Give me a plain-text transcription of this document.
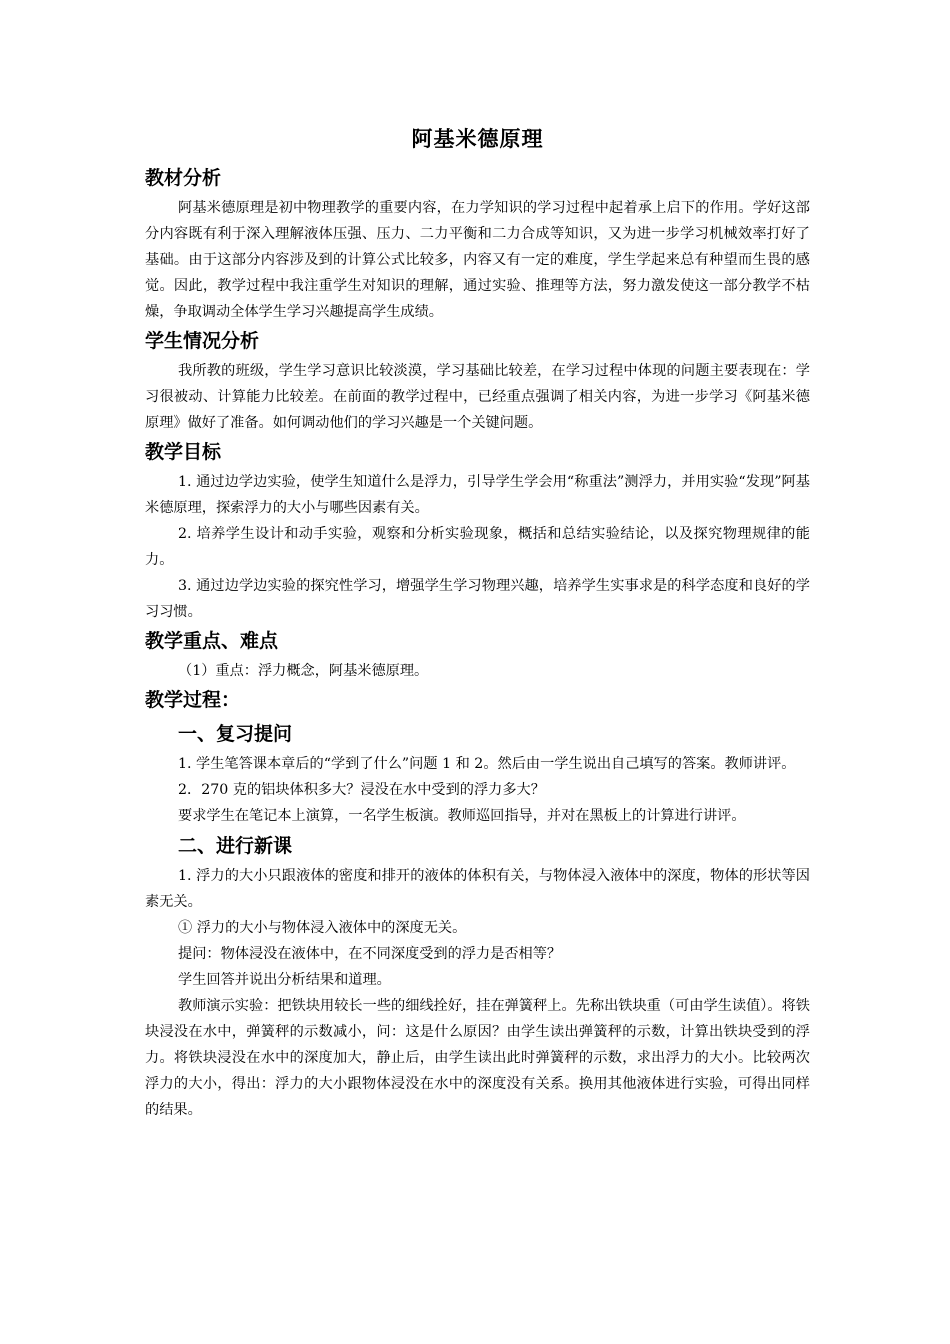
阿基米德原理
教材分析

阿基米德原理是初中物理教学的重要内容，在力学知识的学习过程中起着承上启下的作用。学好这部分内容既有利于深入理解液体压强、压力、二力平衡和二力合成等知识，又为进一步学习机械效率打好了基础。由于这部分内容涉及到的计算公式比较多，内容又有一定的难度，学生学起来总有种望而生畏的感觉。因此，教学过程中我注重学生对知识的理解，通过实验、推理等方法，努力激发使这一部分教学不枯燥，争取调动全体学生学习兴趣提高学生成绩。

学生情况分析

我所教的班级，学生学习意识比较淡漠，学习基础比较差，在学习过程中体现的问题主要表现在：学习很被动、计算能力比较差。在前面的教学过程中，已经重点强调了相关内容，为进一步学习《阿基米德原理》做好了准备。如何调动他们的学习兴趣是一个关键问题。

教学目标

1. 通过边学边实验，使学生知道什么是浮力，引导学生学会用“称重法”测浮力，并用实验“发现”阿基米德原理，探索浮力的大小与哪些因素有关。

2. 培养学生设计和动手实验，观察和分析实验现象，概括和总结实验结论，以及探究物理规律的能力。

3. 通过边学边实验的探究性学习，增强学生学习物理兴趣，培养学生实事求是的科学态度和良好的学习习惯。

教学重点、难点

（1）重点：浮力概念，阿基米德原理。

教学过程：
一、复习提问

1. 学生笔答课本章后的“学到了什么”问题 1 和 2。然后由一学生说出自己填写的答案。教师讲评。

2．270 克的铝块体积多大？浸没在水中受到的浮力多大？

要求学生在笔记本上演算，一名学生板演。教师巡回指导，并对在黑板上的计算进行讲评。

二、进行新课

1. 浮力的大小只跟液体的密度和排开的液体的体积有关，与物体浸入液体中的深度，物体的形状等因素无关。

① 浮力的大小与物体浸入液体中的深度无关。

提问：物体浸没在液体中，在不同深度受到的浮力是否相等？

学生回答并说出分析结果和道理。

教师演示实验：把铁块用较长一些的细线拴好，挂在弹簧秤上。先称出铁块重（可由学生读值）。将铁块浸没在水中，弹簧秤的示数减小，问：这是什么原因？由学生读出弹簧秤的示数，计算出铁块受到的浮力。将铁块浸没在水中的深度加大，静止后，由学生读出此时弹簧秤的示数，求出浮力的大小。比较两次浮力的大小，得出：浮力的大小跟物体浸没在水中的深度没有关系。换用其他液体进行实验，可得出同样的结果。
